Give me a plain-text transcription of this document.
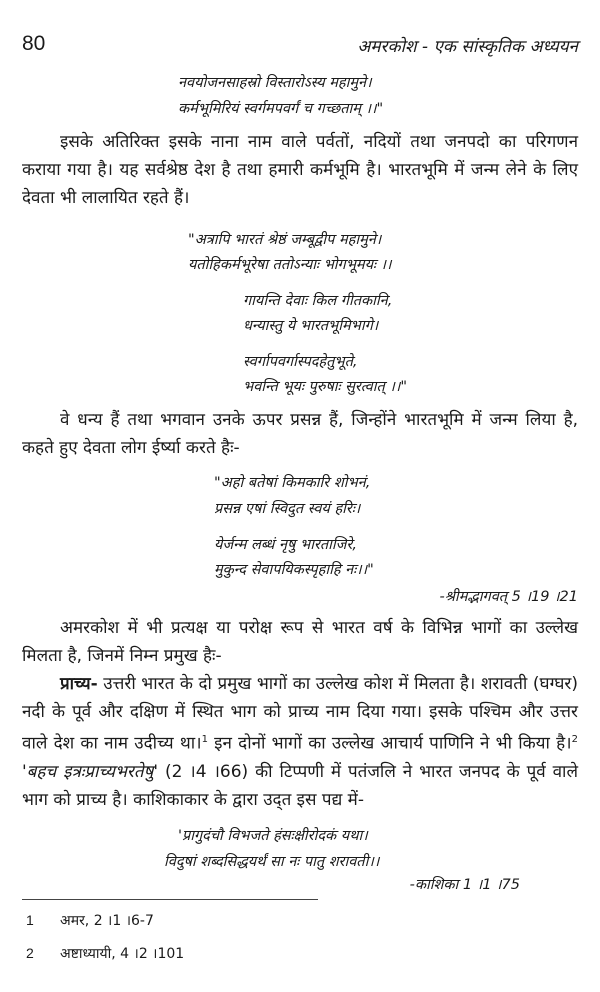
80	अमरकोश - एक सांस्कृतिक अध्ययन
नवयोजनसाहस्रो विस्तारोऽस्य महामुने।
कर्मभूमिरियं स्वर्गमपवर्गं च गच्छताम् ।।"
इसके अतिरिक्त इसके नाना नाम वाले पर्वतों, नदियों तथा जनपदो का परिगणन कराया गया है। यह सर्वश्रेष्ठ देश है तथा हमारी कर्मभूमि है। भारतभूमि में जन्म लेने के लिए देवता भी लालायित रहते हैं।
"अत्रापि भारतं श्रेष्ठं जम्बूद्वीप महामुने।
यतोहिकर्मभूरेषा ततोऽन्याः भोगभूमयः ।।
गायन्ति देवाः किल गीतकानि,
धन्यास्तु ये भारतभूमिभागे।
स्वर्गापवर्गास्पदहेतुभूते,
भवन्ति भूयः पुरुषाः सुरत्वात् ।।"
वे धन्य हैं तथा भगवान उनके ऊपर प्रसन्न हैं, जिन्होंने भारतभूमि में जन्म लिया है, कहते हुए देवता लोग ईर्ष्या करते हैः-
"अहो बतेषां किमकारि शोभनं,
प्रसन्न एषां स्विदुत स्वयं हरिः।
येर्जन्म लब्धं नृषु भारताजिरे,
मुकुन्द सेवापयिकस्पृहाहि नः।।"
-श्रीमद्भागवत् 5 ।19 ।21
अमरकोश में भी प्रत्यक्ष या परोक्ष रूप से भारत वर्ष के विभिन्न भागों का उल्लेख मिलता है, जिनमें निम्न प्रमुख हैः-
प्राच्य- उत्तरी भारत के दो प्रमुख भागों का उल्लेख कोश में मिलता है। शरावती (घग्घर) नदी के पूर्व और दक्षिण में स्थित भाग को प्राच्य नाम दिया गया। इसके पश्चिम और उत्तर वाले देश का नाम उदीच्य था।$^1$ इन दोनों भागों का उल्लेख आचार्य पाणिनि ने भी किया है।$^2$ 'बहच इत्रःप्राच्यभरतेषु' (2 ।4 ।66) की टिप्पणी में पतंजलि ने भारत जनपद के पूर्व वाले भाग को प्राच्य है। काशिकाकार के द्वारा उद्‌त इस पद्य में-
'प्रागुदंचौ विभजते हंसःक्षीरोदकं यथा।
विदुषां शब्दसिद्धयर्थं सा नः पातु शरावती।।
-काशिका 1 ।1 ।75
1 अमर, 2 ।1 ।6-7
2 अष्टाध्यायी, 4 ।2 ।101
